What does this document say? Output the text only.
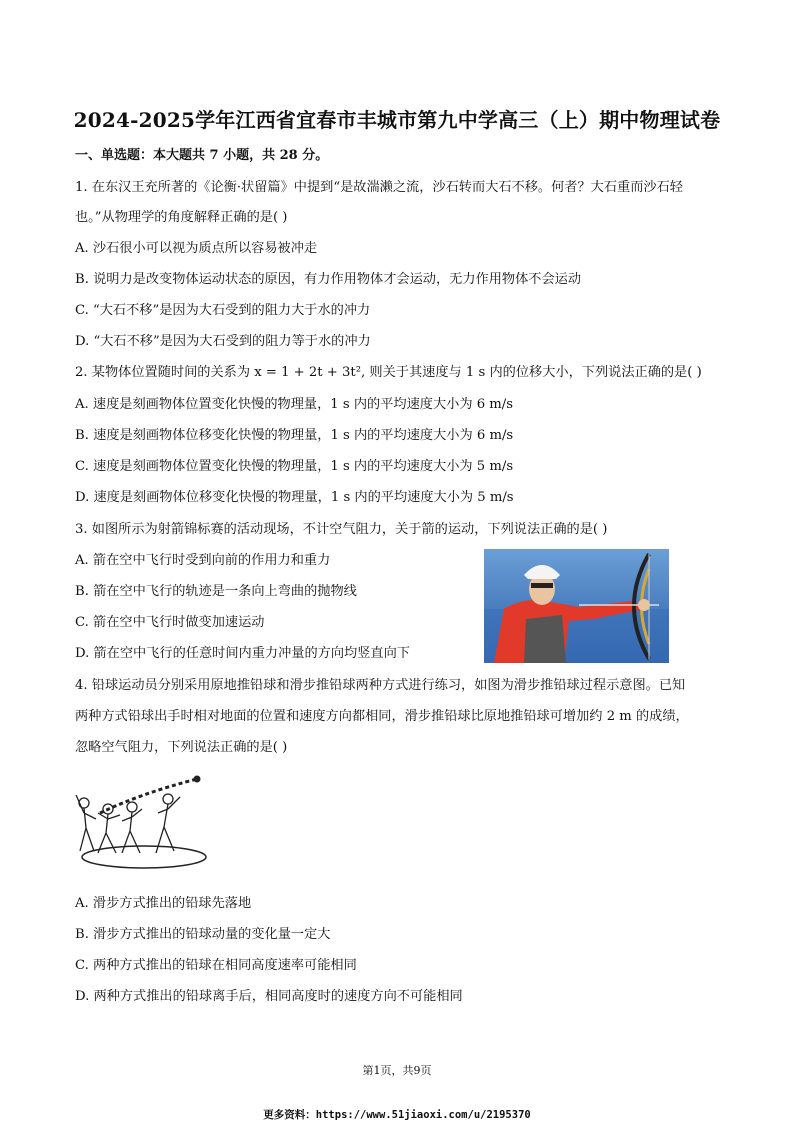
2024-2025学年江西省宜春市丰城市第九中学高三（上）期中物理试卷
一、单选题：本大题共 7 小题，共 28 分。
1. 在东汉王充所著的《论衡·状留篇》中提到“是故湍濑之流，沙石转而大石不移。何者？大石重而沙石轻
也。”从物理学的角度解释正确的是( )
A. 沙石很小可以视为质点所以容易被冲走
B. 说明力是改变物体运动状态的原因，有力作用物体才会运动，无力作用物体不会运动
C. “大石不移”是因为大石受到的阻力大于水的冲力
D. “大石不移”是因为大石受到的阻力等于水的冲力
2. 某物体位置随时间的关系为 x = 1 + 2t + 3t², 则关于其速度与 1 s 内的位移大小，下列说法正确的是( )
A. 速度是刻画物体位置变化快慢的物理量，1 s 内的平均速度大小为 6 m/s
B. 速度是刻画物体位移变化快慢的物理量，1 s 内的平均速度大小为 6 m/s
C. 速度是刻画物体位置变化快慢的物理量，1 s 内的平均速度大小为 5 m/s
D. 速度是刻画物体位移变化快慢的物理量，1 s 内的平均速度大小为 5 m/s
3. 如图所示为射箭锦标赛的活动现场，不计空气阻力，关于箭的运动，下列说法正确的是( )
A. 箭在空中飞行时受到向前的作用力和重力
B. 箭在空中飞行的轨迹是一条向上弯曲的抛物线
C. 箭在空中飞行时做变加速运动
D. 箭在空中飞行的任意时间内重力冲量的方向均竖直向下
4. 铅球运动员分别采用原地推铅球和滑步推铅球两种方式进行练习，如图为滑步推铅球过程示意图。已知
两种方式铅球出手时相对地面的位置和速度方向都相同，滑步推铅球比原地推铅球可增加约 2 m 的成绩，
忽略空气阻力，下列说法正确的是( )
A. 滑步方式推出的铅球先落地
B. 滑步方式推出的铅球动量的变化量一定大
C. 两种方式推出的铅球在相同高度速率可能相同
D. 两种方式推出的铅球离手后，相同高度时的速度方向不可能相同
第1页，共9页
更多资料：https://www.51jiaoxi.com/u/2195370
